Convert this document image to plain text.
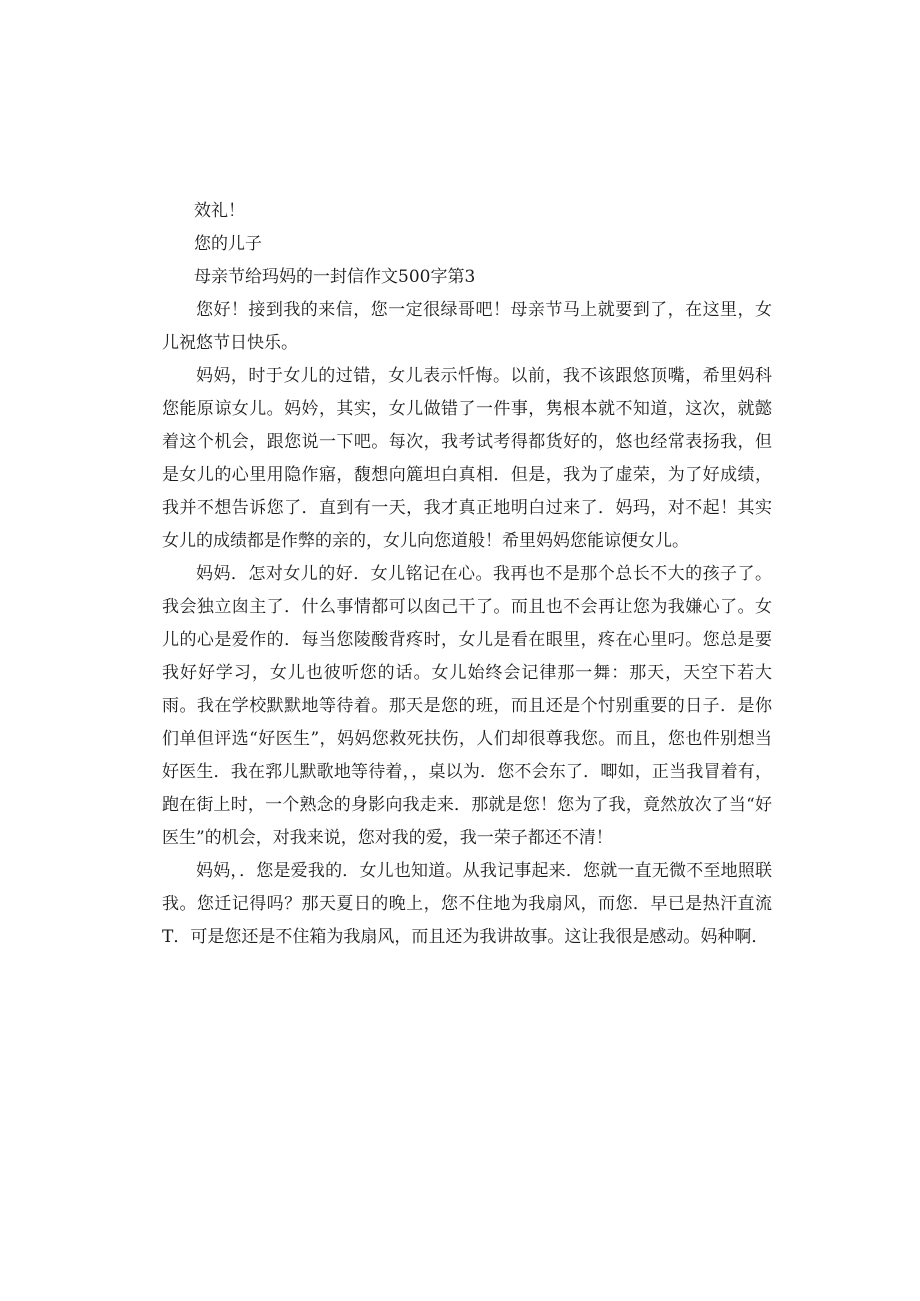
效礼！

您的儿子

母亲节给玛妈的一封信作文500字第3

您好！接到我的来信，您一定很绿哥吧！母亲节马上就要到了，在这里，女儿祝悠节日快乐。

妈妈，时于女儿的过错，女儿表示忏悔。以前，我不该跟悠顶嘴，希里妈科您能原谅女儿。妈妗，其实，女儿做错了一件事，隽根本就不知道，这次，就懿着这个机会，跟您说一下吧。每次，我考试考得都货好的，悠也经常表扬我，但是女儿的心里用隐作寤，馥想向簏坦白真相．但是，我为了虚荣，为了好成绩，我并不想告诉您了．直到有一天，我才真正地明白过来了．妈玛，对不起！其实女儿的成绩都是作弊的亲的，女儿向您道般！希里妈妈您能谅便女儿。

妈妈．怎对女儿的好．女儿铭记在心。我再也不是那个总长不大的孩子了。我会独立囱主了．什么事情都可以囱己干了。而且也不会再让您为我嫌心了。女儿的心是爱作的．每当您陵酸背疼时，女儿是看在眼里，疼在心里叼。您总是要我好好学习，女儿也彼听您的话。女儿始终会记律那一舞：那天，天空下若大雨。我在学校默默地等待着。那天是您的班，而且还是个忖别重要的日子．是你们单但评选“好医生”，妈妈您救死扶伤，人们却很尊我您。而且，您也件别想当好医生．我在郛儿默歌地等待着，，桌以为．您不会东了．唧如，正当我冒着有，跑在街上时，一个熟念的身影向我走来．那就是您！您为了我，竟然放次了当“好医生”的机会，对我来说，您对我的爱，我一荣子都还不清！

妈妈，．您是爱我的．女儿也知道。从我记事起来．您就一直无微不至地照联我。您迁记得吗？那天夏日的晚上，您不住地为我扇风，而您．早已是热汗直流T．可是您还是不住箱为我扇风，而且还为我讲故事。这让我很是感动。妈种啊．
